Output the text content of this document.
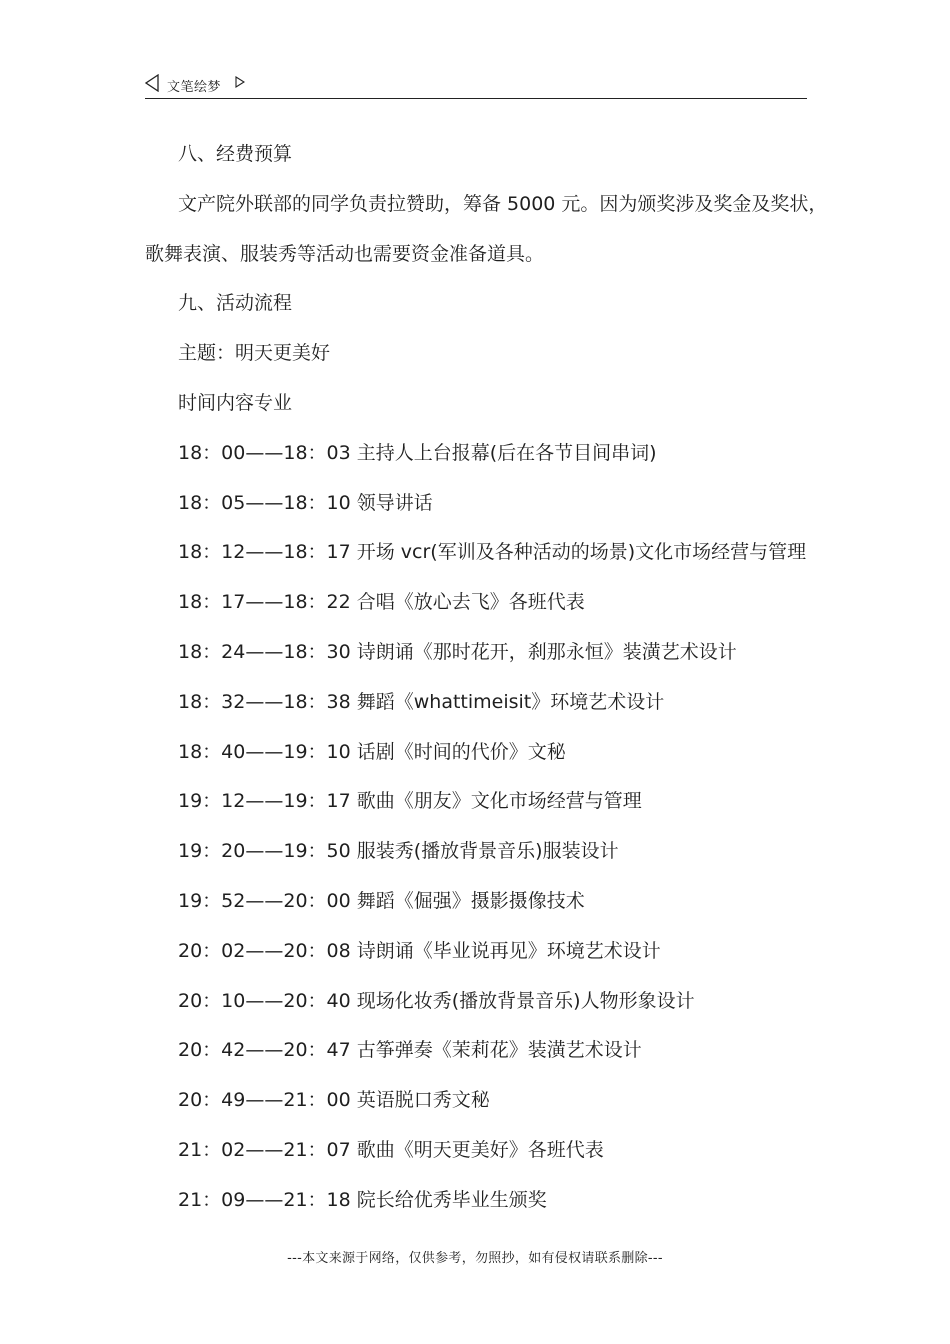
文笔绘梦
八、经费预算
文产院外联部的同学负责拉赞助，筹备 5000 元。因为颁奖涉及奖金及奖状，
歌舞表演、服装秀等活动也需要资金准备道具。
九、活动流程
主题：明天更美好
时间内容专业
18：00——18：03 主持人上台报幕(后在各节目间串词)
18：05——18：10 领导讲话
18：12——18：17 开场 vcr(军训及各种活动的场景)文化市场经营与管理
18：17——18：22 合唱《放心去飞》各班代表
18：24——18：30 诗朗诵《那时花开，刹那永恒》装潢艺术设计
18：32——18：38 舞蹈《whattimeisit》环境艺术设计
18：40——19：10 话剧《时间的代价》文秘
19：12——19：17 歌曲《朋友》文化市场经营与管理
19：20——19：50 服装秀(播放背景音乐)服装设计
19：52——20：00 舞蹈《倔强》摄影摄像技术
20：02——20：08 诗朗诵《毕业说再见》环境艺术设计
20：10——20：40 现场化妆秀(播放背景音乐)人物形象设计
20：42——20：47 古筝弹奏《茉莉花》装潢艺术设计
20：49——21：00 英语脱口秀文秘
21：02——21：07 歌曲《明天更美好》各班代表
21：09——21：18 院长给优秀毕业生颁奖
---本文来源于网络，仅供参考，勿照抄，如有侵权请联系删除---
